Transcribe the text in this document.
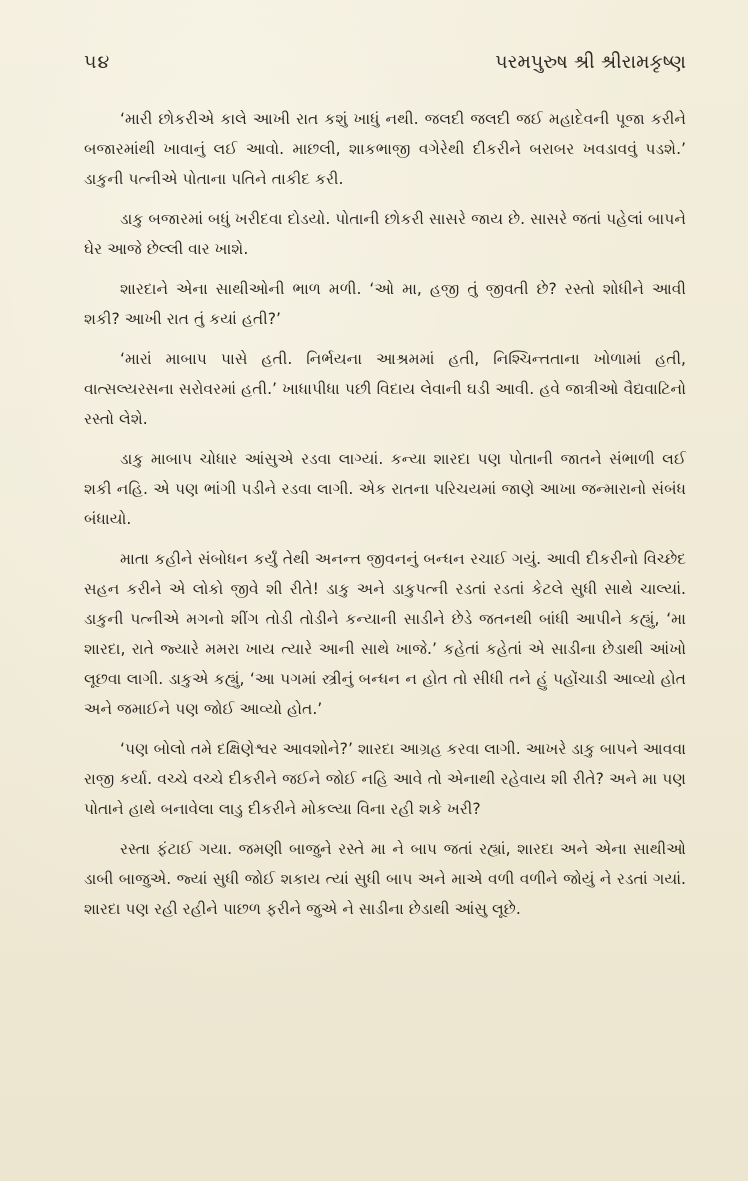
૫૪	પરમપુરુષ શ્રી શ્રીરામકૃષ્ણ

‘મારી છોકરીએ કાલે આખી રાત કશું ખાધું નથી. જલદી જલદી જઈ મહાદેવની પૂજા કરીને બજારમાંથી ખાવાનું લઈ આવો. માછલી, શાકભાજી વગેરેથી દીકરીને બરાબર ખવડાવવું પડશે.’ ડાકુની પત્નીએ પોતાના પતિને તાકીદ કરી.

ડાકુ બજારમાં બધું ખરીદવા દોડયો. પોતાની છોકરી સાસરે જાય છે. સાસરે જતાં પહેલાં બાપને ઘેર આજે છેલ્લી વાર ખાશે.

શારદાને એના સાથીઓની ભાળ મળી. ‘ઓ મા, હજી તું જીવતી છે? રસ્તો શોધીને આવી શકી? આખી રાત તું કયાં હતી?’

‘મારાં માબાપ પાસે હતી. નિર્ભયના આશ્રમમાં હતી, નિશ્ચિન્તતાના ખોળામાં હતી, વાત્સલ્યરસના સરોવરમાં હતી.’ ખાધાપીધા પછી વિદાય લેવાની ઘડી આવી. હવે જાત્રીઓ વૈદ્યવાટિનો રસ્તો લેશે.

ડાકુ માબાપ ચોધાર આંસુએ રડવા લાગ્યાં. કન્યા શારદા પણ પોતાની જાતને સંભાળી લઈ શકી નહિ. એ પણ ભાંગી પડીને રડવા લાગી. એક રાતના પરિચયમાં જાણે આખા જન્મારાનો સંબંધ બંધાયો.

માતા કહીને સંબોધન કર્યું તેથી અનન્ત જીવનનું બન્ધન રચાઈ ગયું. આવી દીકરીનો વિચ્છેદ સહન કરીને એ લોકો જીવે શી રીતે! ડાકુ અને ડાકુપત્ની રડતાં રડતાં કેટલે સુધી સાથે ચાલ્યાં. ડાકુની પત્નીએ મગનો શીંગ તોડી તોડીને કન્યાની સાડીને છેડે જતનથી બાંધી આપીને કહ્યું, ‘મા શારદા, રાતે જ્યારે મમરા ખાય ત્યારે આની સાથે ખાજે.’ કહેતાં કહેતાં એ સાડીના છેડાથી આંખો લૂછવા લાગી. ડાકુએ કહ્યું, ‘આ પગમાં સ્ત્રીનું બન્ધન ન હોત તો સીધી તને હું પહોંચાડી આવ્યો હોત અને જમાઈને પણ જોઈ આવ્યો હોત.’

‘પણ બોલો તમે દક્ષિણેશ્વર આવશોને?’ શારદા આગ્રહ કરવા લાગી. આખરે ડાકુ બાપને આવવા રાજી કર્યા. વચ્ચે વચ્ચે દીકરીને જઈને જોઈ નહિ આવે તો એનાથી રહેવાય શી રીતે? અને મા પણ પોતાને હાથે બનાવેલા લાડુ દીકરીને મોકલ્યા વિના રહી શકે ખરી?

રસ્તા ફંટાઈ ગયા. જમણી બાજુને રસ્તે મા ને બાપ જતાં રહ્યાં, શારદા અને એના સાથીઓ ડાબી બાજુએ. જ્યાં સુધી જોઈ શકાય ત્યાં સુધી બાપ અને માએ વળી વળીને જોયું ને રડતાં ગયાં. શારદા પણ રહી રહીને પાછળ ફરીને જુએ ને સાડીના છેડાથી આંસુ લૂછે.
